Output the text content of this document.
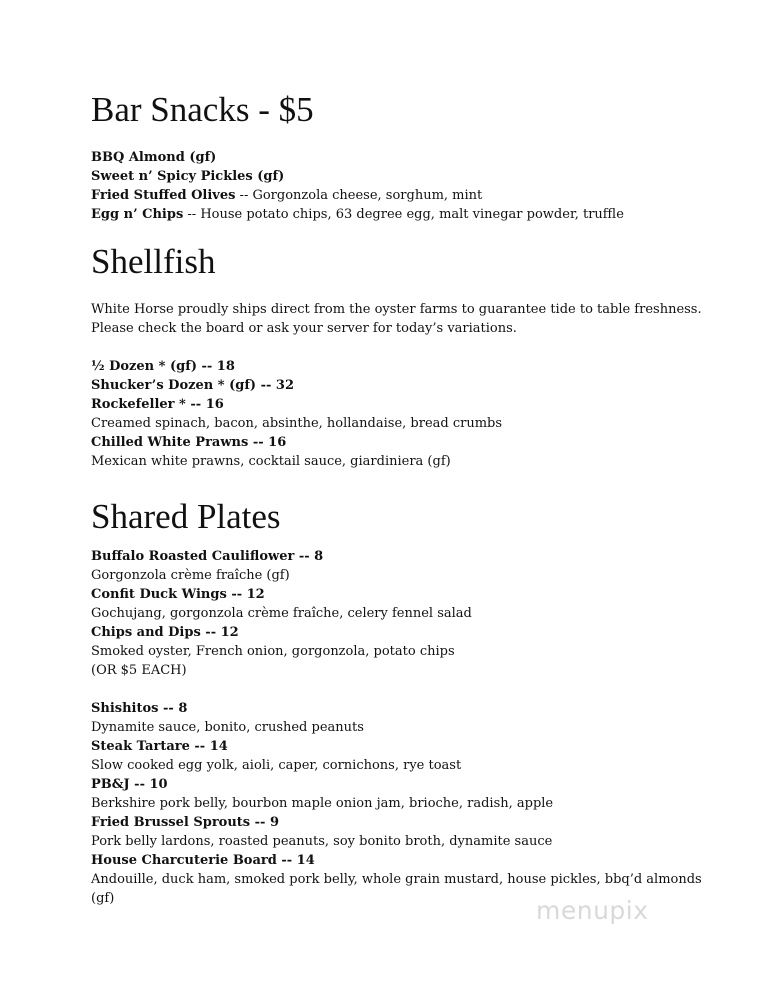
Bar Snacks - $5
BBQ Almond (gf)
Sweet n’ Spicy Pickles (gf)
Fried Stuffed Olives -- Gorgonzola cheese, sorghum, mint
Egg n’ Chips -- House potato chips, 63 degree egg, malt vinegar powder, truffle
Shellfish
White Horse proudly ships direct from the oyster farms to guarantee tide to table freshness.
Please check the board or ask your server for today’s variations.
½ Dozen * (gf) -- 18
Shucker’s Dozen * (gf) -- 32
Rockefeller * -- 16
Creamed spinach, bacon, absinthe, hollandaise, bread crumbs
Chilled White Prawns -- 16
Mexican white prawns, cocktail sauce, giardiniera (gf)
Shared Plates
Buffalo Roasted Cauliflower -- 8
Gorgonzola crème fraîche (gf)
Confit Duck Wings -- 12
Gochujang, gorgonzola crème fraîche, celery fennel salad
Chips and Dips -- 12
Smoked oyster, French onion, gorgonzola, potato chips
(OR $5 EACH)
Shishitos -- 8
Dynamite sauce, bonito, crushed peanuts
Steak Tartare -- 14
Slow cooked egg yolk, aioli, caper, cornichons, rye toast
PB&J -- 10
Berkshire pork belly, bourbon maple onion jam, brioche, radish, apple
Fried Brussel Sprouts -- 9
Pork belly lardons, roasted peanuts, soy bonito broth, dynamite sauce
House Charcuterie Board -- 14
Andouille, duck ham, smoked pork belly, whole grain mustard, house pickles, bbq’d almonds
(gf)	menupix
